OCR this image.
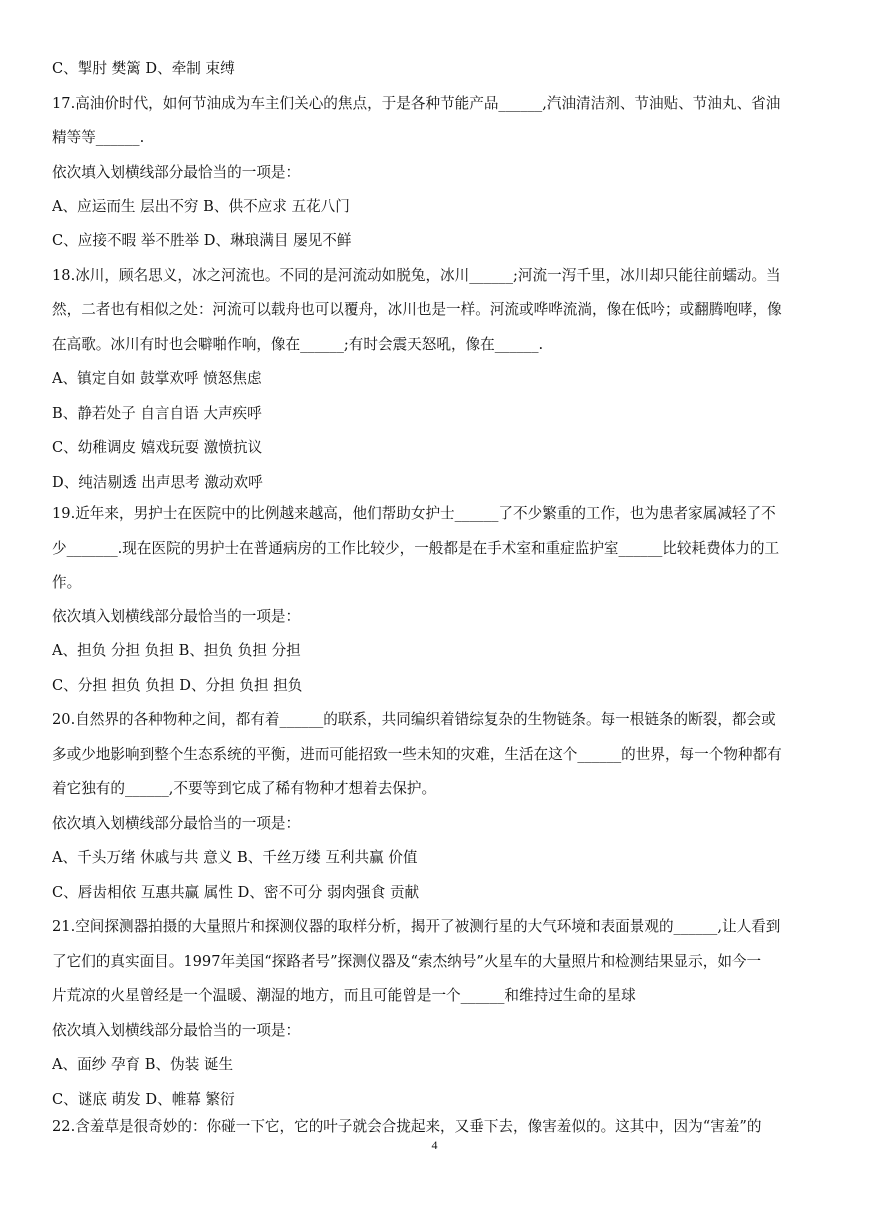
C、掣肘 樊篱 D、牵制 束缚
17.高油价时代，如何节油成为车主们关心的焦点，于是各种节能产品______,汽油清洁剂、节油贴、节油丸、省油
精等等______.
依次填入划横线部分最恰当的一项是：
A、应运而生 层出不穷 B、供不应求 五花八门
C、应接不暇 举不胜举 D、琳琅满目 屡见不鲜
18.冰川，顾名思义，冰之河流也。不同的是河流动如脱兔，冰川______;河流一泻千里，冰川却只能往前蠕动。当
然，二者也有相似之处：河流可以载舟也可以覆舟，冰川也是一样。河流或哗哗流淌，像在低吟；或翻腾咆哮，像
在高歌。冰川有时也会噼啪作响，像在______;有时会震天怒吼，像在______.
A、镇定自如 鼓掌欢呼 愤怒焦虑
B、静若处子 自言自语 大声疾呼
C、幼稚调皮 嬉戏玩耍 激愤抗议
D、纯洁剔透 出声思考 激动欢呼
19.近年来，男护士在医院中的比例越来越高，他们帮助女护士______了不少繁重的工作，也为患者家属减轻了不
少_______.现在医院的男护士在普通病房的工作比较少，一般都是在手术室和重症监护室______比较耗费体力的工
作。
依次填入划横线部分最恰当的一项是：
A、担负 分担 负担 B、担负 负担 分担
C、分担 担负 负担 D、分担 负担 担负
20.自然界的各种物种之间，都有着______的联系，共同编织着错综复杂的生物链条。每一根链条的断裂，都会或
多或少地影响到整个生态系统的平衡，进而可能招致一些未知的灾难，生活在这个______的世界，每一个物种都有
着它独有的______,不要等到它成了稀有物种才想着去保护。
依次填入划横线部分最恰当的一项是：
A、千头万绪 休戚与共 意义 B、千丝万缕 互利共赢 价值
C、唇齿相依 互惠共赢 属性 D、密不可分 弱肉强食 贡献
21.空间探测器拍摄的大量照片和探测仪器的取样分析，揭开了被测行星的大气环境和表面景观的______,让人看到
了它们的真实面目。1997年美国“探路者号”探测仪器及“索杰纳号”火星车的大量照片和检测结果显示，如今一
片荒凉的火星曾经是一个温暖、潮湿的地方，而且可能曾是一个______和维持过生命的星球
依次填入划横线部分最恰当的一项是：
A、面纱 孕育 B、伪装 诞生
C、谜底 萌发 D、帷幕 繁衍
22.含羞草是很奇妙的：你碰一下它，它的叶子就会合拢起来，又垂下去，像害羞似的。这其中，因为“害羞”的
4
